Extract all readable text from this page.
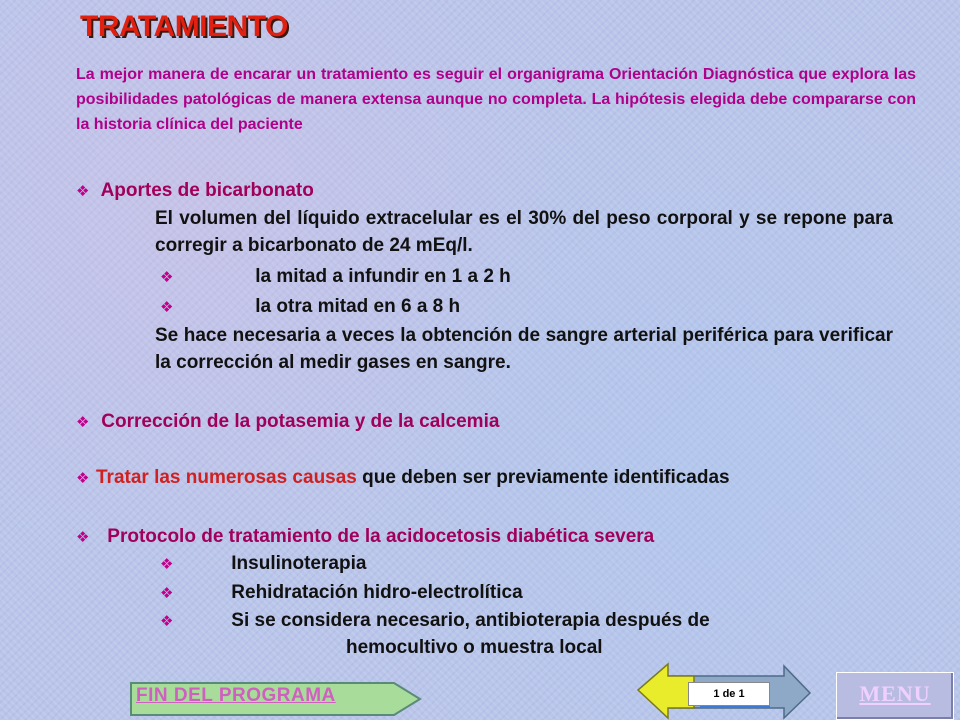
TRATAMIENTO
La mejor manera de encarar un tratamiento es seguir el organigrama Orientación Diagnóstica que explora las posibilidades patológicas de manera extensa aunque no completa. La hipótesis elegida debe compararse con la historia clínica del paciente
❖ Aportes de bicarbonato
El volumen del líquido extracelular es el 30% del peso corporal y se repone para corregir a bicarbonato de 24 mEq/l.
❖	la mitad a infundir en 1 a 2 h
❖	la otra mitad en 6 a 8 h
Se hace necesaria a veces la obtención de sangre arterial periférica para verificar la corrección al medir gases en sangre.
❖ Corrección de la potasemia y de la calcemia
❖ Tratar las numerosas causas que deben ser previamente identificadas
❖ Protocolo de tratamiento de la acidocetosis diabética severa
❖	Insulinoterapia
❖	Rehidratación hidro-electrolítica
❖	Si se considera necesario, antibioterapia después de
hemocultivo o muestra local
FIN DEL PROGRAMA	1 de 1	MENU
